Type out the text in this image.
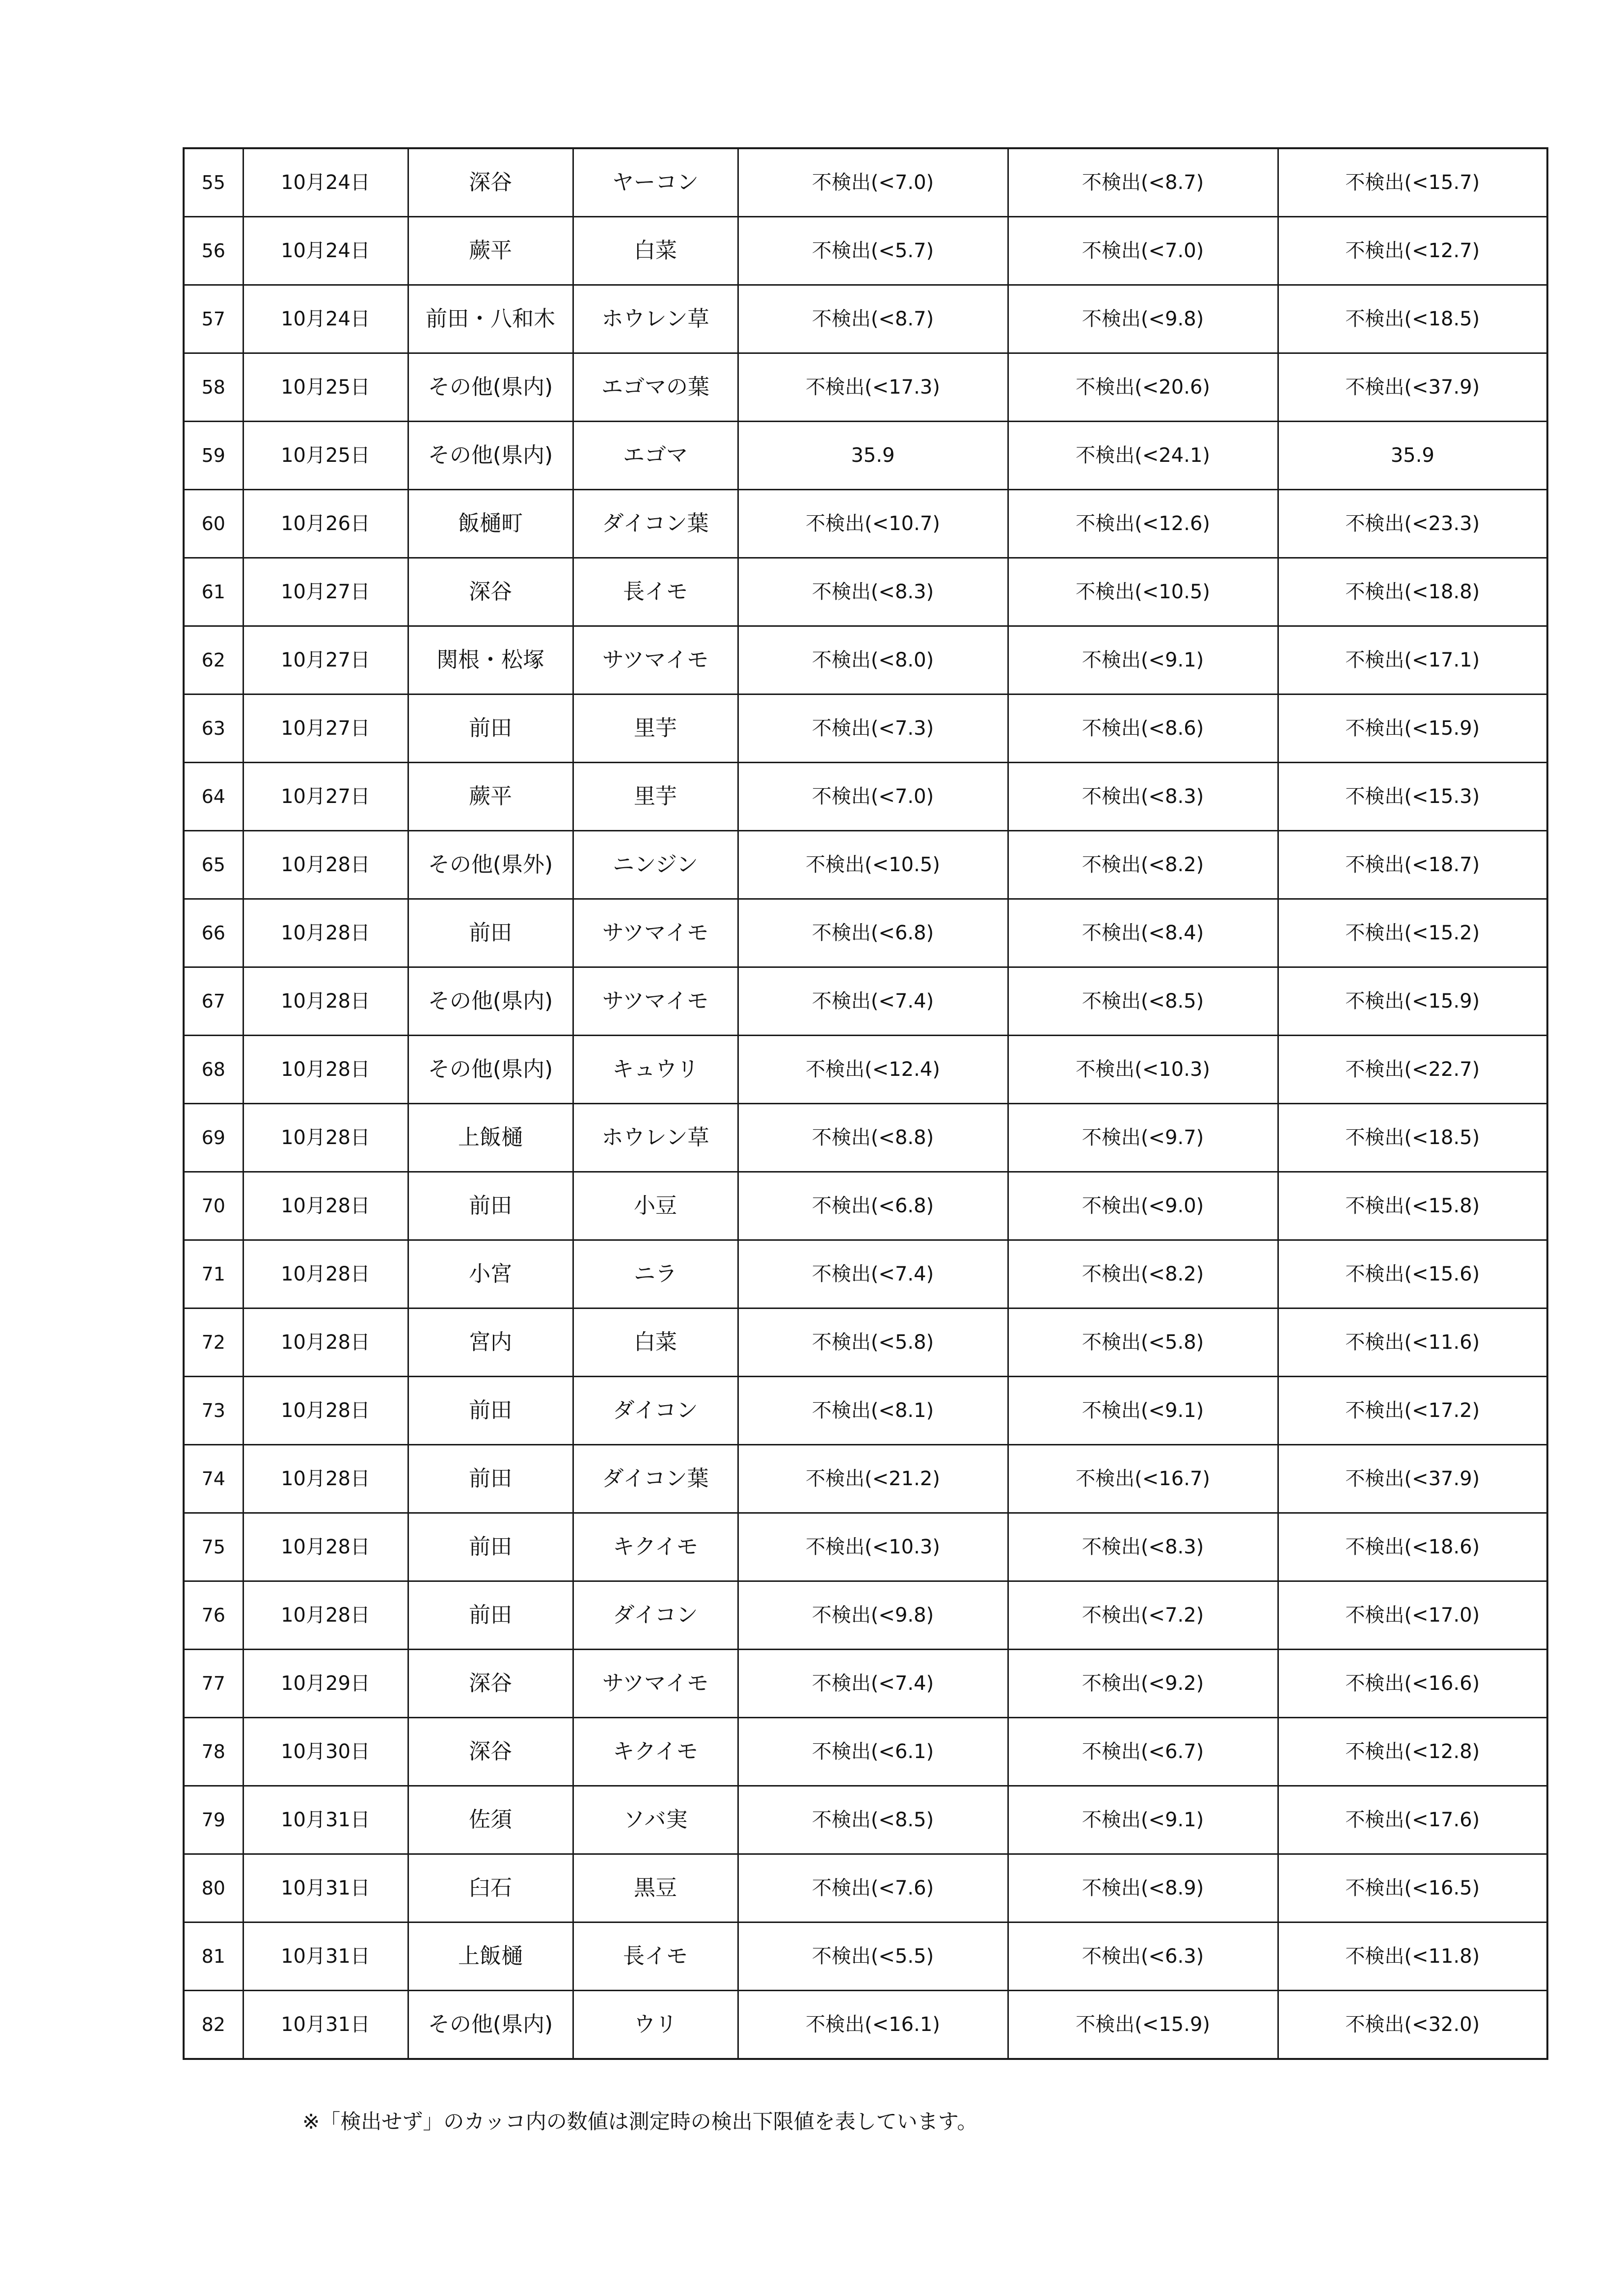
55	10月24日	深谷	ヤーコン	不検出(<7.0)	不検出(<8.7)	不検出(<15.7)
56	10月24日	蕨平	白菜	不検出(<5.7)	不検出(<7.0)	不検出(<12.7)
57	10月24日	前田・八和木	ホウレン草	不検出(<8.7)	不検出(<9.8)	不検出(<18.5)
58	10月25日	その他(県内)	エゴマの葉	不検出(<17.3)	不検出(<20.6)	不検出(<37.9)
59	10月25日	その他(県内)	エゴマ	35.9	不検出(<24.1)	35.9
60	10月26日	飯樋町	ダイコン葉	不検出(<10.7)	不検出(<12.6)	不検出(<23.3)
61	10月27日	深谷	長イモ	不検出(<8.3)	不検出(<10.5)	不検出(<18.8)
62	10月27日	関根・松塚	サツマイモ	不検出(<8.0)	不検出(<9.1)	不検出(<17.1)
63	10月27日	前田	里芋	不検出(<7.3)	不検出(<8.6)	不検出(<15.9)
64	10月27日	蕨平	里芋	不検出(<7.0)	不検出(<8.3)	不検出(<15.3)
65	10月28日	その他(県外)	ニンジン	不検出(<10.5)	不検出(<8.2)	不検出(<18.7)
66	10月28日	前田	サツマイモ	不検出(<6.8)	不検出(<8.4)	不検出(<15.2)
67	10月28日	その他(県内)	サツマイモ	不検出(<7.4)	不検出(<8.5)	不検出(<15.9)
68	10月28日	その他(県内)	キュウリ	不検出(<12.4)	不検出(<10.3)	不検出(<22.7)
69	10月28日	上飯樋	ホウレン草	不検出(<8.8)	不検出(<9.7)	不検出(<18.5)
70	10月28日	前田	小豆	不検出(<6.8)	不検出(<9.0)	不検出(<15.8)
71	10月28日	小宮	ニラ	不検出(<7.4)	不検出(<8.2)	不検出(<15.6)
72	10月28日	宮内	白菜	不検出(<5.8)	不検出(<5.8)	不検出(<11.6)
73	10月28日	前田	ダイコン	不検出(<8.1)	不検出(<9.1)	不検出(<17.2)
74	10月28日	前田	ダイコン葉	不検出(<21.2)	不検出(<16.7)	不検出(<37.9)
75	10月28日	前田	キクイモ	不検出(<10.3)	不検出(<8.3)	不検出(<18.6)
76	10月28日	前田	ダイコン	不検出(<9.8)	不検出(<7.2)	不検出(<17.0)
77	10月29日	深谷	サツマイモ	不検出(<7.4)	不検出(<9.2)	不検出(<16.6)
78	10月30日	深谷	キクイモ	不検出(<6.1)	不検出(<6.7)	不検出(<12.8)
79	10月31日	佐須	ソバ実	不検出(<8.5)	不検出(<9.1)	不検出(<17.6)
80	10月31日	臼石	黒豆	不検出(<7.6)	不検出(<8.9)	不検出(<16.5)
81	10月31日	上飯樋	長イモ	不検出(<5.5)	不検出(<6.3)	不検出(<11.8)
82	10月31日	その他(県内)	ウリ	不検出(<16.1)	不検出(<15.9)	不検出(<32.0)
※「検出せず」のカッコ内の数値は測定時の検出下限値を表しています。
